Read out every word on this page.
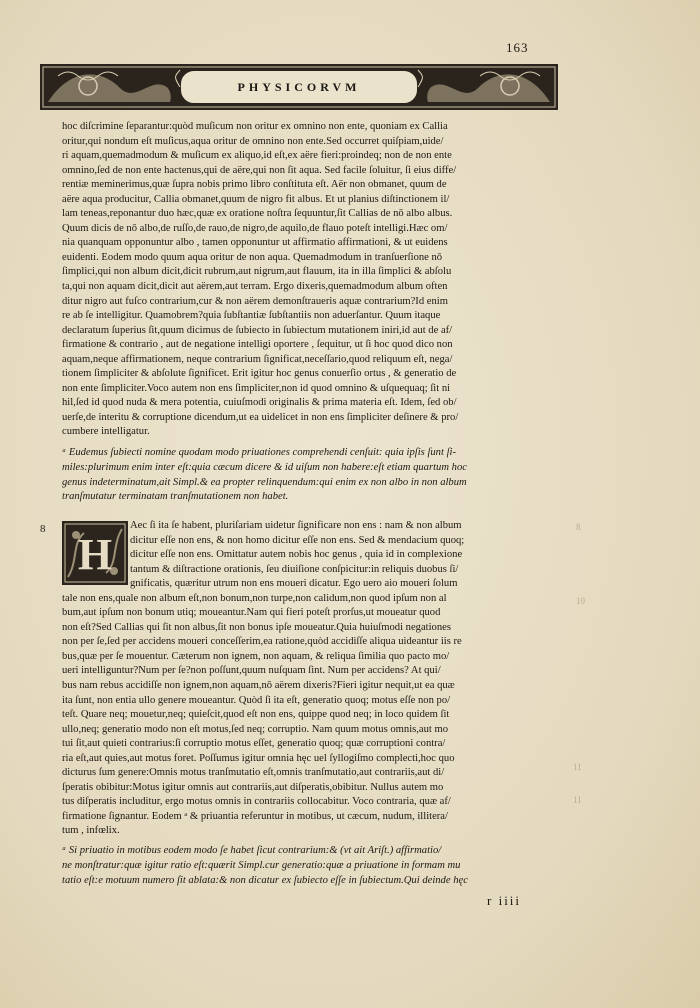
163
PHYSICORVM
hoc diſcrimine ſeparantur:quòd muſicum non oritur ex omnino non ente, quoniam ex Callia
oritur,qui nondum eſt muſicus,aqua oritur de omnino non ente.Sed occurret quiſpiam,uide/
ri aquam,quemadmodum & muſicum ex aliquo,id eſt,ex aëre fieri:proindeq; non de non ente
omnino,ſed de non ente hactenus,qui de aëre,qui non ſit aqua. Sed facile ſoluitur, ſi eius diffe/
rentiæ meminerimus,quæ ſupra nobis primo libro conſtituta eſt. Aër non obmanet, quum de
aëre aqua producitur, Callia obmanet,quum de nigro fit albus. Et ut planius diſtinctionem il/
lam teneas,reponantur duo hæc,quæ ex oratione noſtra ſequuntur,ſit Callias de nō albo albus.
Quum dicis de nō albo,de ruſſo,de rauo,de nigro,de aquilo,de flauo poteſt intelligi.Hæc om/
nia quanquam opponuntur albo , tamen opponuntur ut affirmatio affirmationi, & ut euidens
euidenti. Eodem modo quum aqua oritur de non aqua. Quemadmodum in tranſuerſione nō
ſimplici,qui non album dicit,dicit rubrum,aut nigrum,aut flauum, ita in illa ſimplici & abſolu
ta,qui non aquam dicit,dicit aut aërem,aut terram. Ergo dixeris,quemadmodum album often
ditur nigro aut fuſco contrarium,cur & non aërem demonſtraueris aquæ contrarium?Id enim
re ab ſe intelligitur. Quamobrem?quia ſubſtantiæ ſubſtantiis non aduerſantur. Quum itaque
declaratum ſuperius ſit,quum dicimus de ſubiecto in ſubiectum mutationem iniri,id aut de af/
firmatione & contrario , aut de negatione intelligi oportere , ſequitur, ut ſi hoc quod dico non
aquam,neque affirmationem, neque contrarium ſignificat,neceſſario,quod reliquum eſt, nega/
tionem ſimpliciter & abſolute ſignificet. Erit igitur hoc genus conuerſio ortus , & generatio de
non ente ſimpliciter.Voco autem non ens ſimpliciter,non id quod omnino & uſquequaq; ſit ni
hil,ſed id quod nuda & mera potentia, cuiuſmodi originalis & prima materia eſt. Idem, ſed ob/
uerſe,de interitu & corruptione dicendum,ut ea uidelicet in non ens ſimpliciter deſinere & pro/
cumbere intelligatur.
ᵃ Eudemus ſubiecti nomine quodam modo priuationes comprehendi cenſuit: quia ipſis ſunt ſi-
miles:plurimum enim inter eſt:quia cæcum dicere & id uiſum non habere:eſt etiam quartum hoc
genus indeterminatum,ait Simpl.& ea propter relinquendum:qui enim ex non albo in non album
tranſmutatur terminatam tranſmutationem non habet.
8
H
Aec ſi ita ſe habent, pluriſariam uidetur ſignificare non ens : nam & non album
dicitur eſſe non ens, & non homo dicitur eſſe non ens. Sed & mendacium quoq;
dicitur eſſe non ens. Omittatur autem nobis hoc genus , quia id in complexione
tantum & diſtractione orationis, ſeu diuiſione conſpicitur:in reliquis duobus ſi/
gnificatis, quæritur utrum non ens moueri dicatur. Ego uero aio moueri ſolum
tale non ens,quale non album eſt,non bonum,non turpe,non calidum,non quod ipſum non al
bum,aut ipſum non bonum utiq; moueantur.Nam qui fieri poteſt prorſus,ut moueatur quod
non eſt?Sed Callias qui ſit non albus,ſit non bonus ipſe moueatur.Quia huiuſmodi negationes
non per ſe,ſed per accidens moueri conceſſerim,ea ratione,quòd accidiſſe aliqua uideantur iis re
bus,quæ per ſe mouentur. Cæterum non ignem, non aquam, & reliqua ſimilia quo pacto mo/
ueri intelliguntur?Num per ſe?non poſſunt,quum nuſquam ſint. Num per accidens? At qui/
bus nam rebus accidiſſe non ignem,non aquam,nō aërem dixeris?Fieri igitur nequit,ut ea quæ
ita ſunt, non entia ullo genere moueantur. Quòd ſi ita eſt, generatio quoq; motus eſſe non po/
teſt. Quare neq; mouetur,neq; quieſcit,quod eſt non ens, quippe quod neq; in loco quidem ſit
ullo,neq; generatio modo non eſt motus,ſed neq; corruptio. Nam quum motus omnis,aut mo
tui ſit,aut quieti contrarius:ſi corruptio motus eſſet, generatio quoq; quæ corruptioni contra/
ria eſt,aut quies,aut motus foret. Poſſumus igitur omnia hęc uel ſyllogiſmo complecti,hoc quo
dicturus ſum genere:Omnis motus tranſmutatio eſt,omnis tranſmutatio,aut contrariis,aut di/
ſperatis obibitur:Motus igitur omnis aut contrariis,aut diſperatis,obibitur. Nullus autem mo
tus diſperatis includitur, ergo motus omnis in contrariis collocabitur. Voco contraria, quæ af/
firmatione ſignantur. Eodem ᵃ & priuantia referuntur in motibus, ut cæcum, nudum, illitera/
tum , infœlix.
ᵃ Si priuatio in motibus eodem modo ſe habet ſicut contrarium:& (vt ait Ariſt.) affirmatio/
ne monſtratur:quæ igitur ratio eſt:quærit Simpl.cur generatio:quæ a priuatione in formam mu
tatio eſt:e motuum numero ſit ablata:& non dicatur ex ſubiecto eſſe in ſubiectum.Qui deinde hęc
8
10
11
11
r iiii
